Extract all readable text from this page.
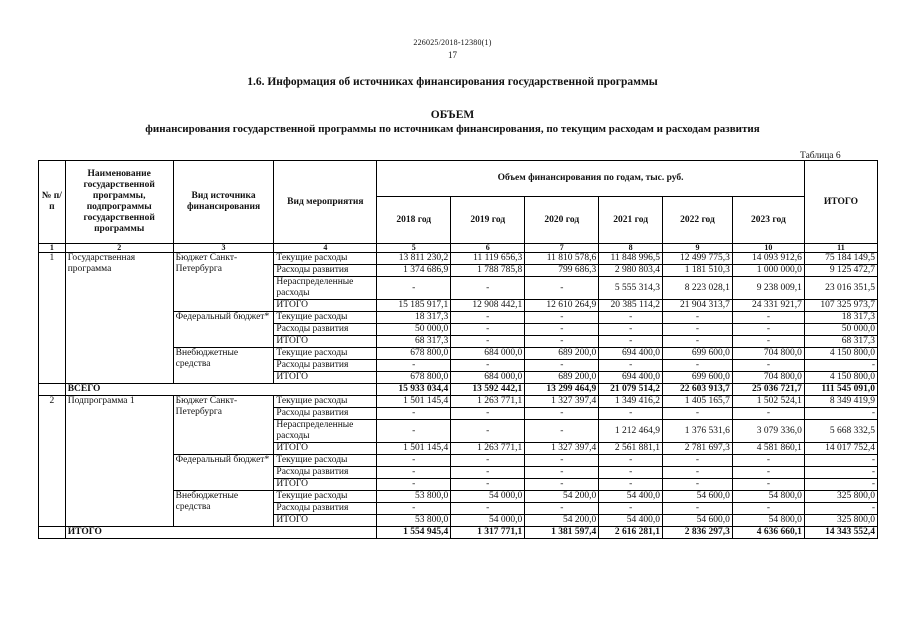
226025/2018-12380(1)
17
1.6. Информация об источниках финансирования государственной программы
ОБЪЕМ
финансирования государственной программы по источникам финансирования, по текущим расходам и расходам развития
Таблица 6
№ п/п	Наименование государственной программы, подпрограммы государственной программы	Вид источника финансирования	Вид мероприятия	Объем финансирования по годам, тыс. руб.						ИТОГО
				2018 год	2019 год	2020 год	2021 год	2022 год	2023 год	
1	2	3	4	5	6	7	8	9	10	11
1	Государственная программа	Бюджет Санкт-Петербурга	Текущие расходы	13 811 230,2	11 119 656,3	11 810 578,6	11 848 996,5	12 499 775,3	14 093 912,6	75 184 149,5
			Расходы развития	1 374 686,9	1 788 785,8	799 686,3	2 980 803,4	1 181 510,3	1 000 000,0	9 125 472,7
			Нераспределенные расходы	-	-	-	5 555 314,3	8 223 028,1	9 238 009,1	23 016 351,5
			ИТОГО	15 185 917,1	12 908 442,1	12 610 264,9	20 385 114,2	21 904 313,7	24 331 921,7	107 325 973,7
		Федеральный бюджет*	Текущие расходы	18 317,3	-	-	-	-	-	18 317,3
			Расходы развития	50 000,0	-	-	-	-	-	50 000,0
			ИТОГО	68 317,3	-	-	-	-	-	68 317,3
		Внебюджетные средства	Текущие расходы	678 800,0	684 000,0	689 200,0	694 400,0	699 600,0	704 800,0	4 150 800,0
			Расходы развития	-	-	-	-	-	-	-
			ИТОГО	678 800,0	684 000,0	689 200,0	694 400,0	699 600,0	704 800,0	4 150 800,0
	ВСЕГО			15 933 034,4	13 592 442,1	13 299 464,9	21 079 514,2	22 603 913,7	25 036 721,7	111 545 091,0
2	Подпрограмма 1	Бюджет Санкт-Петербурга	Текущие расходы	1 501 145,4	1 263 771,1	1 327 397,4	1 349 416,2	1 405 165,7	1 502 524,1	8 349 419,9
			Расходы развития	-	-	-	-	-	-	-
			Нераспределенные расходы	-	-	-	1 212 464,9	1 376 531,6	3 079 336,0	5 668 332,5
			ИТОГО	1 501 145,4	1 263 771,1	1 327 397,4	2 561 881,1	2 781 697,3	4 581 860,1	14 017 752,4
		Федеральный бюджет*	Текущие расходы	-	-	-	-	-	-	-
			Расходы развития	-	-	-	-	-	-	-
			ИТОГО	-	-	-	-	-	-	-
		Внебюджетные средства	Текущие расходы	53 800,0	54 000,0	54 200,0	54 400,0	54 600,0	54 800,0	325 800,0
			Расходы развития	-	-	-	-	-	-	-
			ИТОГО	53 800,0	54 000,0	54 200,0	54 400,0	54 600,0	54 800,0	325 800,0
	ИТОГО			1 554 945,4	1 317 771,1	1 381 597,4	2 616 281,1	2 836 297,3	4 636 660,1	14 343 552,4
